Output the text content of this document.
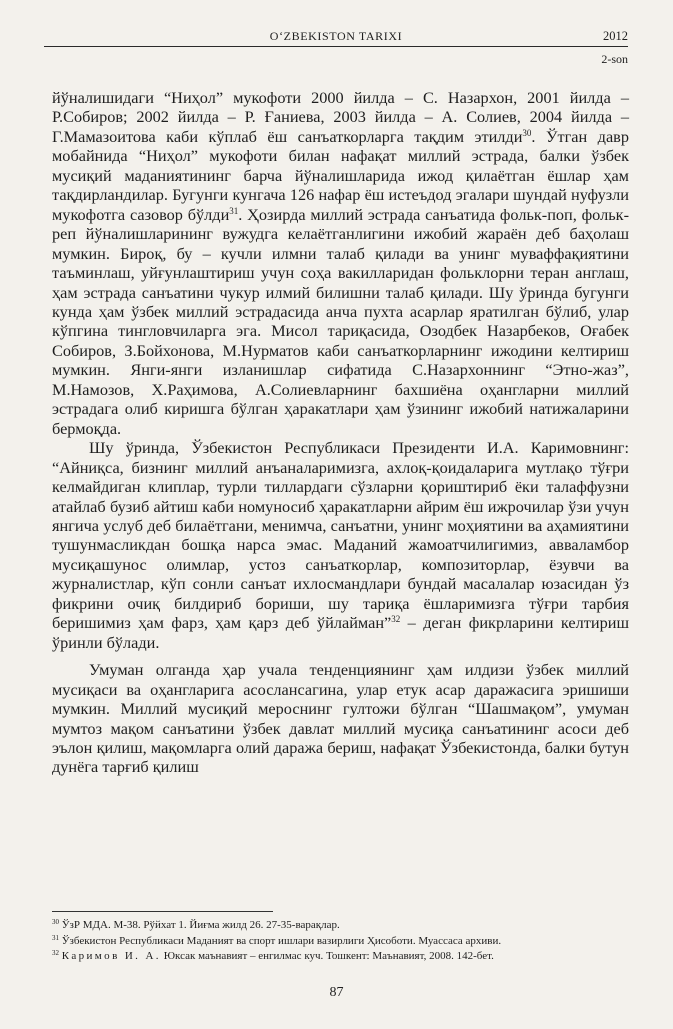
O‘ZBEKISTON TARIXI	2012
2-son

йўналишидаги “Ниҳол” мукофоти 2000 йилда – С. Назархон, 2001 йилда – Р.Собиров; 2002 йилда – Р. Ғаниева, 2003 йилда – А. Солиев, 2004 йилда – Г.Мамазоитова каби кўплаб ёш санъаткорларга тақдим этилди$^{30}$. Ўтган давр мобайнида “Ниҳол” мукофоти билан нафақат миллий эстрада, балки ўзбек мусиқий маданиятининг барча йўналишларида ижод қилаётган ёшлар ҳам тақдирландилар. Бугунги кунгача 126 нафар ёш истеъдод эгалари шундай нуфузли мукофотга сазовор бўлди$^{31}$. Ҳозирда миллий эстрада санъатида фольк-поп, фольк-реп йўналишларининг вужудга келаётганлигини ижобий жараён деб баҳолаш мумкин. Бироқ, бу – кучли илмни талаб қилади ва унинг муваффақиятини таъминлаш, уйғунлаштириш учун соҳа вакилларидан фольклорни теран англаш, ҳам эстрада санъатини чукур илмий билишни талаб қилади. Шу ўринда бугунги кунда ҳам ўзбек миллий эстрадасида анча пухта асарлар яратилган бўлиб, улар кўпгина тингловчиларга эга. Мисол тариқасида, Озодбек Назарбеков, Оғабек Собиров, З.Бойхонова, М.Нурматов каби санъаткорларнинг ижодини келтириш мумкин. Янги-янги изланишлар сифатида С.Назархоннинг “Этно-жаз”, М.Намозов, Х.Раҳимова, А.Солиевларнинг бахшиёна оҳангларни миллий эстрадага олиб киришга бўлган ҳаракатлари ҳам ўзининг ижобий натижаларини бермоқда.

Шу ўринда, Ўзбекистон Республикаси Президенти И.А. Каримовнинг: “Айниқса, бизнинг миллий анъаналаримизга, ахлоқ-қоидаларига мутлақо тўғри келмайдиган клиплар, турли тиллардаги сўзларни қориштириб ёки талаффузни атайлаб бузиб айтиш каби номуносиб ҳаракатларни айрим ёш ижрочилар ўзи учун янгича услуб деб билаётгани, менимча, санъатни, унинг моҳиятини ва аҳамиятини тушунмасликдан бошқа нарса эмас. Маданий жамоатчилигимиз, авваламбор мусиқашунос олимлар, устоз санъаткорлар, композиторлар, ёзувчи ва журналистлар, кўп сонли санъат ихлосмандлари бундай масалалар юзасидан ўз фикрини очиқ билдириб бориши, шу тариқа ёшларимизга тўғри тарбия беришимиз ҳам фарз, ҳам қарз деб ўйлайман”$^{32}$ – деган фикрларини келтириш ўринли бўлади.

Умуман олганда ҳар учала тенденциянинг ҳам илдизи ўзбек миллий мусиқаси ва оҳангларига асослансагина, улар етук асар даражасига эришиши мумкин. Миллий мусиқий мероснинг гултожи бўлган “Шашмақом”, умуман мумтоз мақом санъатини ўзбек давлат миллий мусиқа санъатининг асоси деб эълон қилиш, мақомларга олий даража бериш, нафақат Ўзбекистонда, балки бутун дунёга тарғиб қилиш

$^{30}$ ЎзР МДА. М-38. Рўйхат 1. Йиғма жилд 26. 27-35-варақлар.
$^{31}$ Ўзбекистон Республикаси Маданият ва спорт ишлари вазирлиги Ҳисоботи. Муассаса архиви.
$^{32}$ Каримов И. А. Юксак маънавият – енгилмас куч. Тошкент: Маънавият, 2008. 142-бет.
87
